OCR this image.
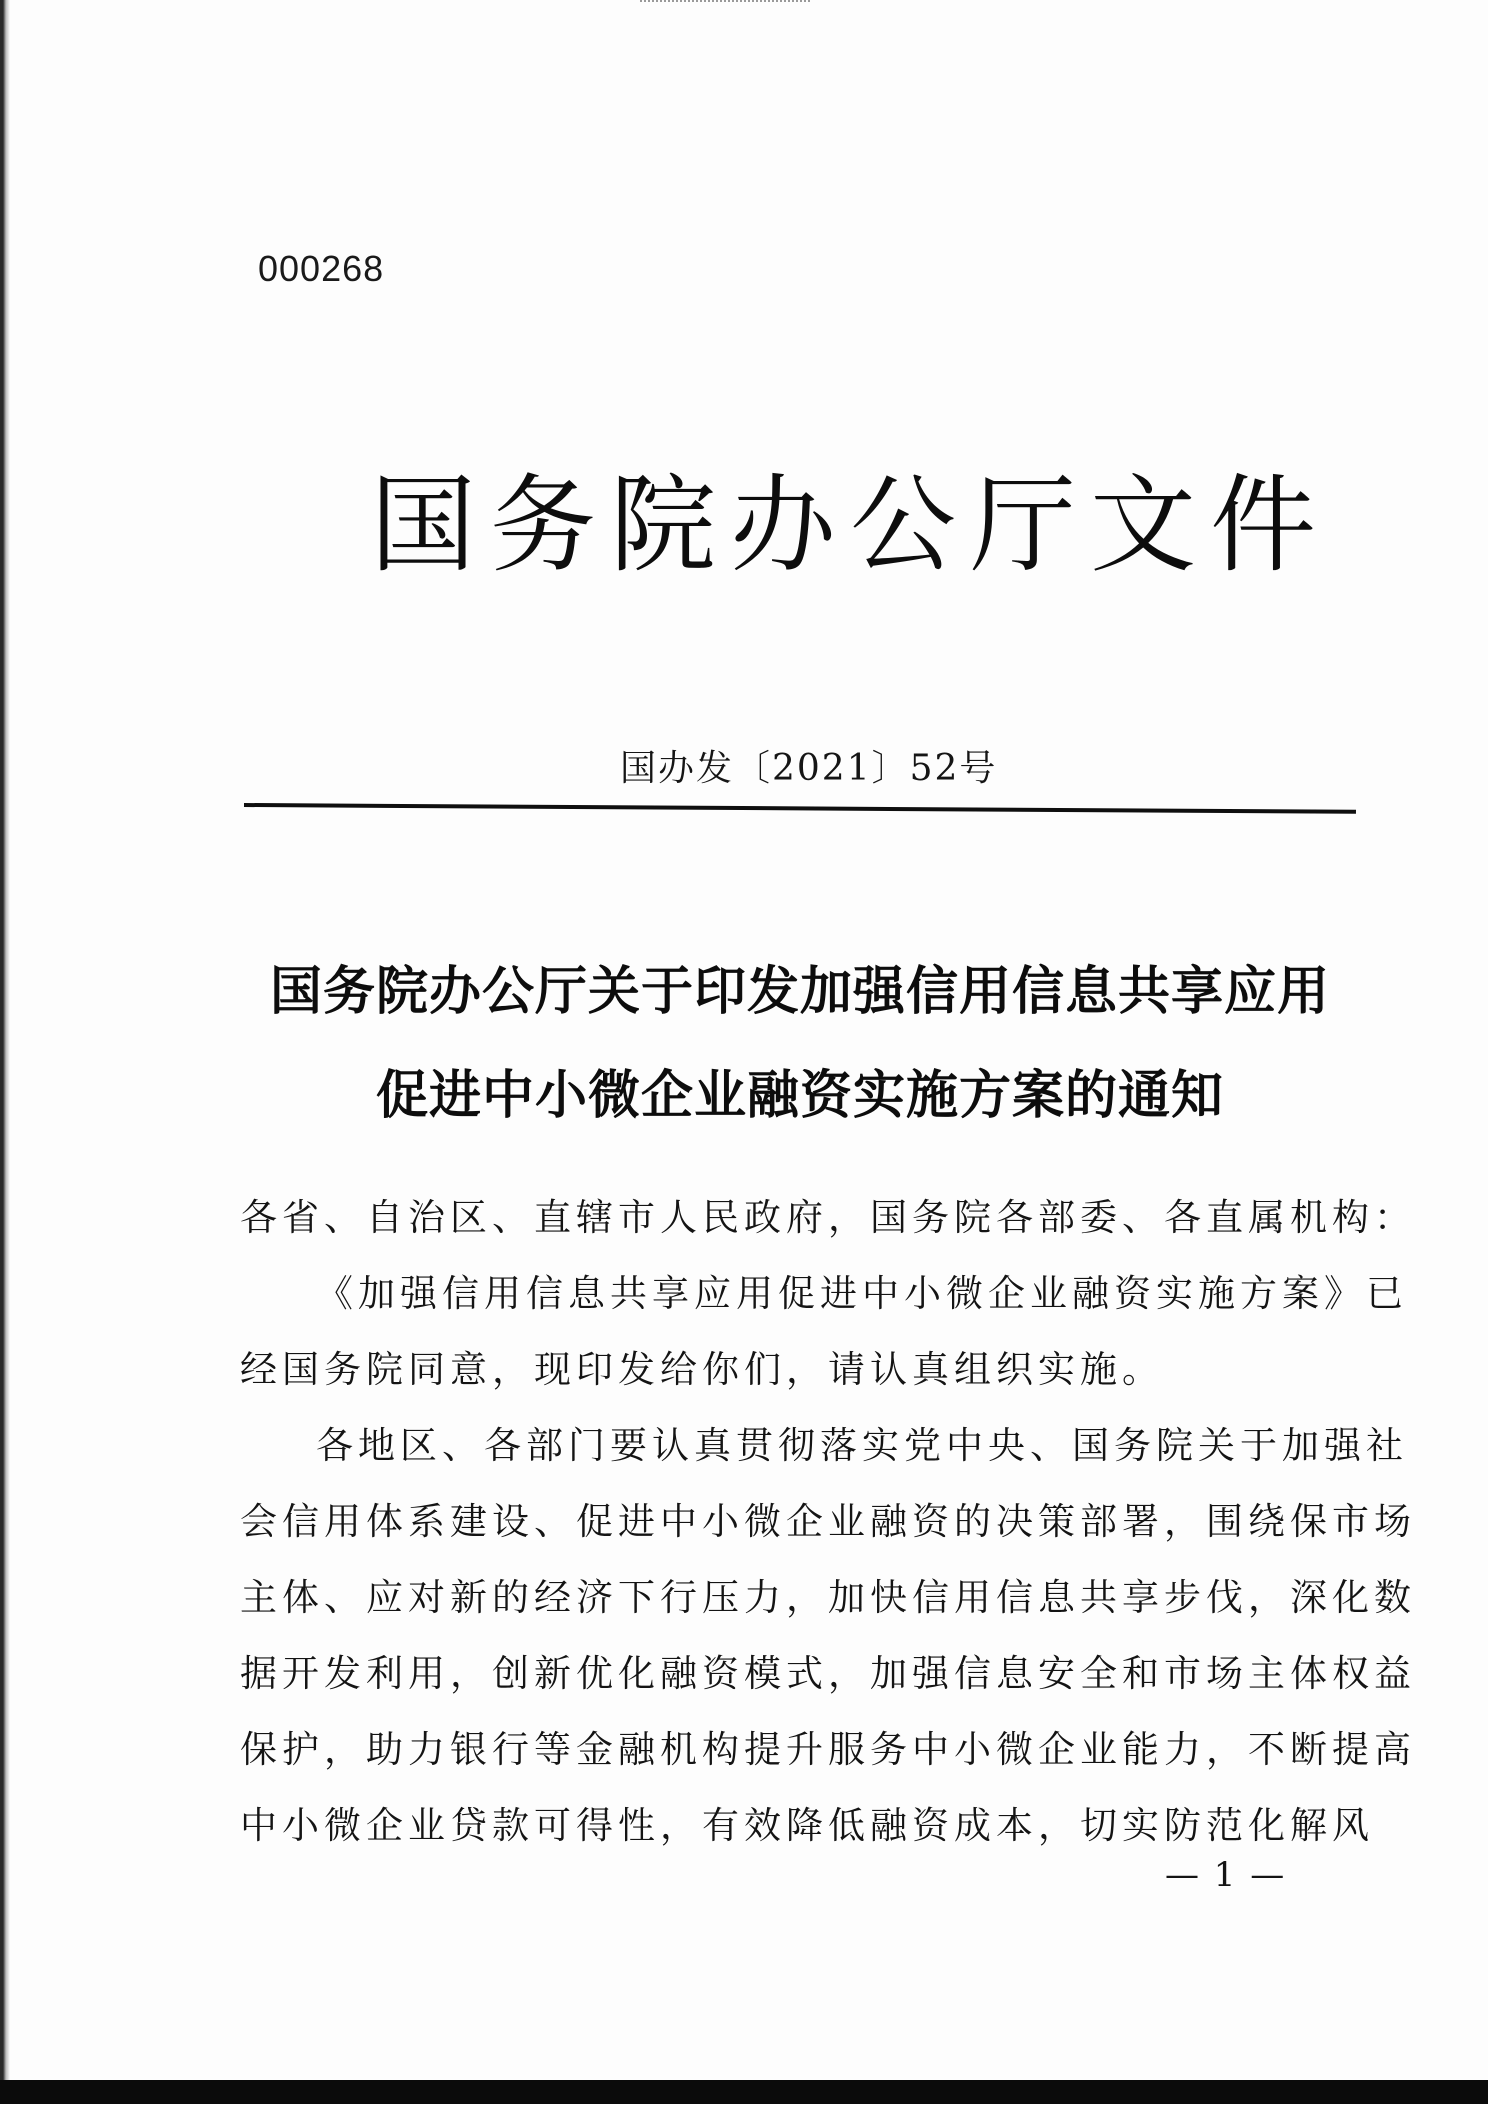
000268
国务院办公厅文件
国办发〔2021〕52号
国务院办公厅关于印发加强信用信息共享应用
促进中小微企业融资实施方案的通知
各省、自治区、直辖市人民政府，国务院各部委、各直属机构：
《加强信用信息共享应用促进中小微企业融资实施方案》已
经国务院同意，现印发给你们，请认真组织实施。
各地区、各部门要认真贯彻落实党中央、国务院关于加强社
会信用体系建设、促进中小微企业融资的决策部署，围绕保市场
主体、应对新的经济下行压力，加快信用信息共享步伐，深化数
据开发利用，创新优化融资模式，加强信息安全和市场主体权益
保护，助力银行等金融机构提升服务中小微企业能力，不断提高
中小微企业贷款可得性，有效降低融资成本，切实防范化解风
— 1 —
